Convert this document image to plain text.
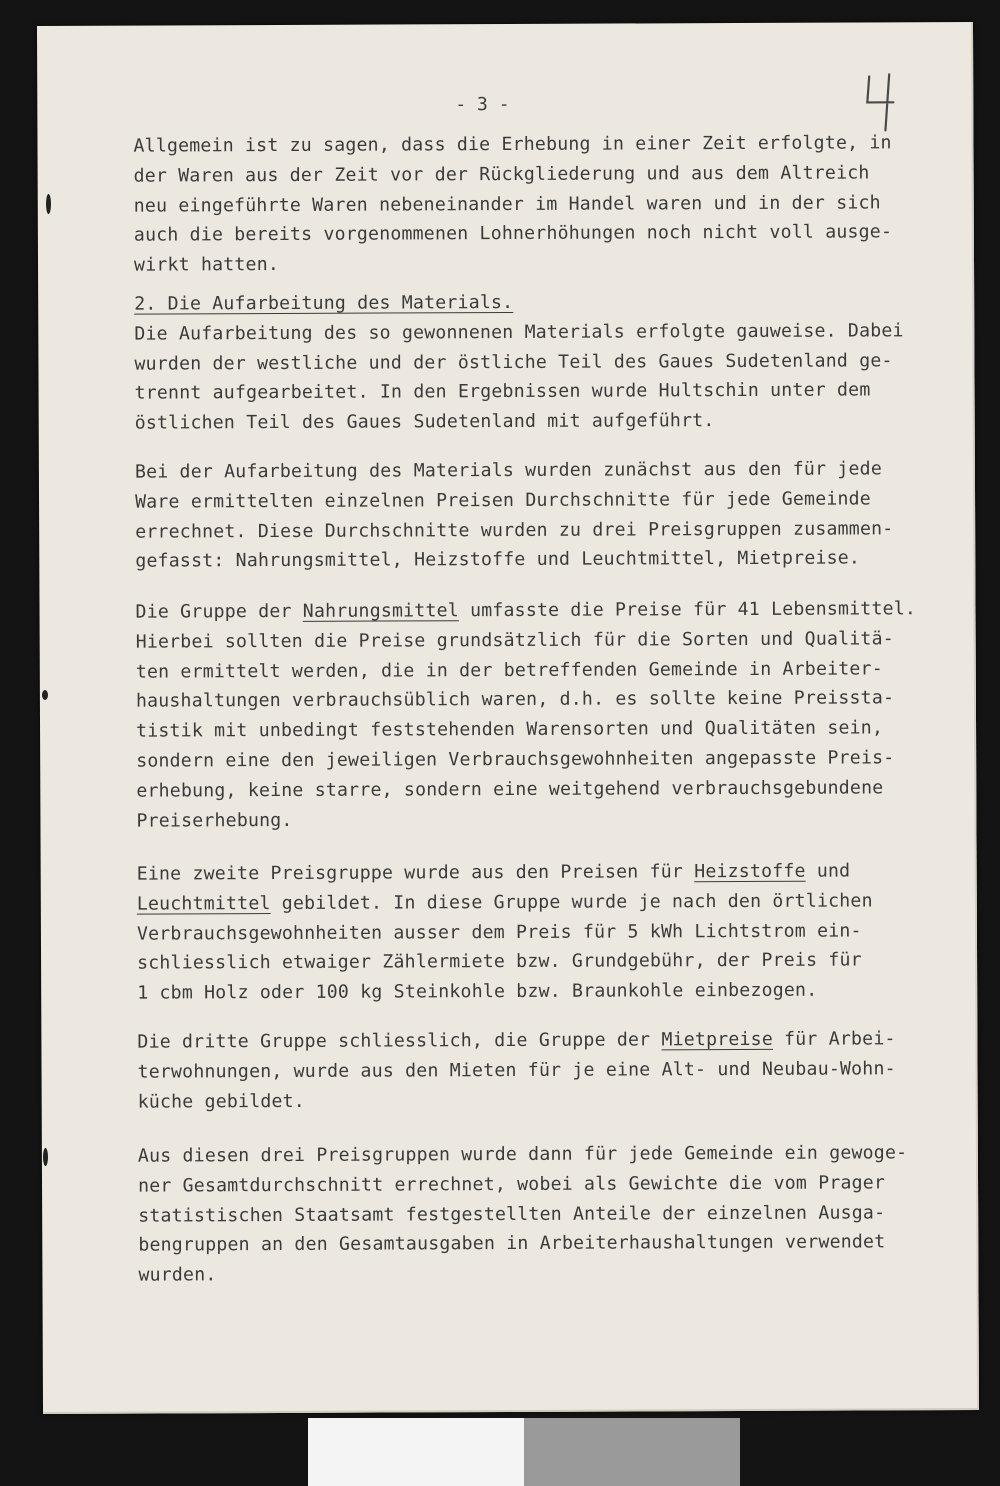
- 3 -
Allgemein ist zu sagen, dass die Erhebung in einer Zeit erfolgte, in
der Waren aus der Zeit vor der Rückgliederung und aus dem Altreich
neu eingeführte Waren nebeneinander im Handel waren und in der sich
auch die bereits vorgenommenen Lohnerhöhungen noch nicht voll ausge-
wirkt hatten.
2. Die Aufarbeitung des Materials.
Die Aufarbeitung des so gewonnenen Materials erfolgte gauweise. Dabei
wurden der westliche und der östliche Teil des Gaues Sudetenland ge-
trennt aufgearbeitet. In den Ergebnissen wurde Hultschin unter dem
östlichen Teil des Gaues Sudetenland mit aufgeführt.
Bei der Aufarbeitung des Materials wurden zunächst aus den für jede
Ware ermittelten einzelnen Preisen Durchschnitte für jede Gemeinde
errechnet. Diese Durchschnitte wurden zu drei Preisgruppen zusammen-
gefasst: Nahrungsmittel, Heizstoffe und Leuchtmittel, Mietpreise.
Die Gruppe der Nahrungsmittel umfasste die Preise für 41 Lebensmittel.
Hierbei sollten die Preise grundsätzlich für die Sorten und Qualitä-
ten ermittelt werden, die in der betreffenden Gemeinde in Arbeiter-
haushaltungen verbrauchsüblich waren, d.h. es sollte keine Preissta-
tistik mit unbedingt feststehenden Warensorten und Qualitäten sein,
sondern eine den jeweiligen Verbrauchsgewohnheiten angepasste Preis-
erhebung, keine starre, sondern eine weitgehend verbrauchsgebundene
Preiserhebung.
Eine zweite Preisgruppe wurde aus den Preisen für Heizstoffe und
Leuchtmittel gebildet. In diese Gruppe wurde je nach den örtlichen
Verbrauchsgewohnheiten ausser dem Preis für 5 kWh Lichtstrom ein-
schliesslich etwaiger Zählermiete bzw. Grundgebühr, der Preis für
1 cbm Holz oder 100 kg Steinkohle bzw. Braunkohle einbezogen.
Die dritte Gruppe schliesslich, die Gruppe der Mietpreise für Arbei-
terwohnungen, wurde aus den Mieten für je eine Alt- und Neubau-Wohn-
küche gebildet.
Aus diesen drei Preisgruppen wurde dann für jede Gemeinde ein gewoge-
ner Gesamtdurchschnitt errechnet, wobei als Gewichte die vom Prager
statistischen Staatsamt festgestellten Anteile der einzelnen Ausga-
bengruppen an den Gesamtausgaben in Arbeiterhaushaltungen verwendet
wurden.
